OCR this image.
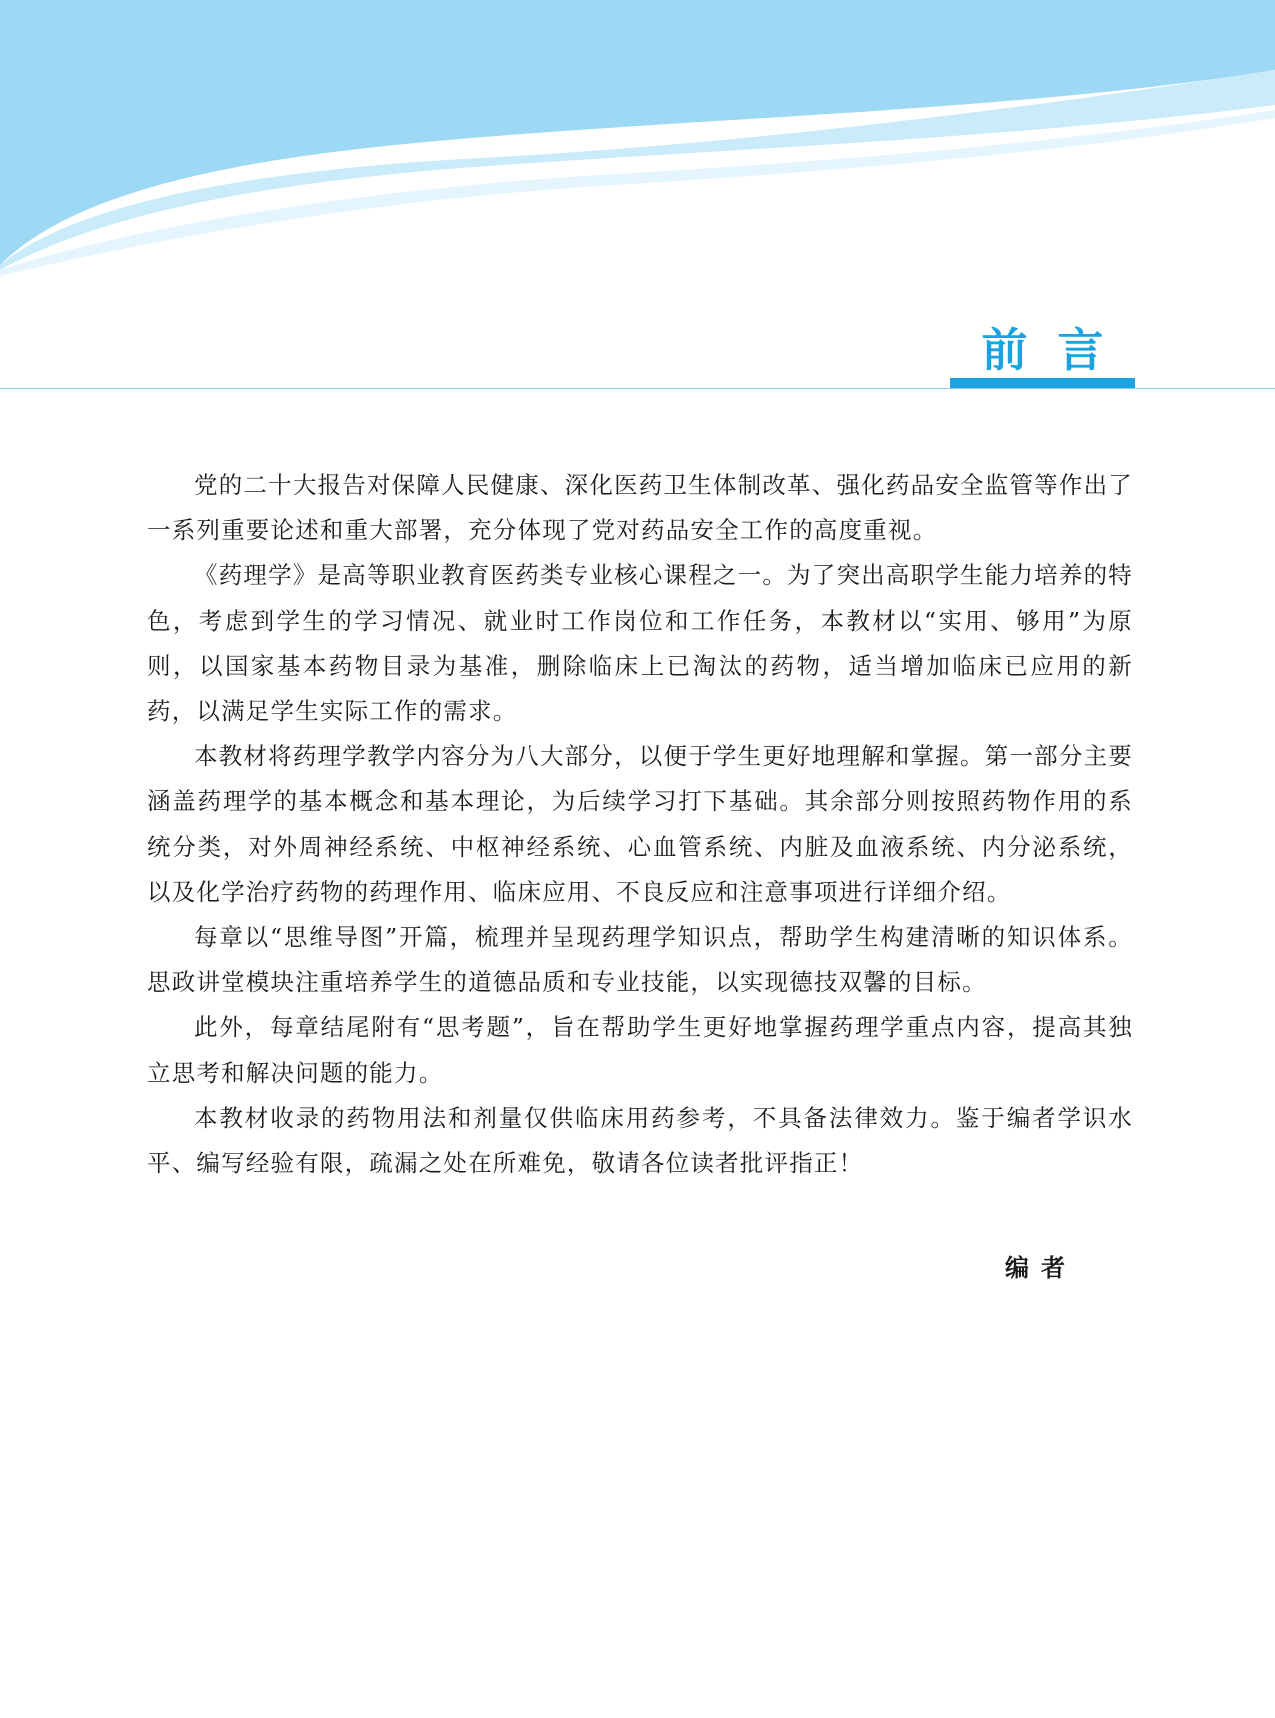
前言

党的二十大报告对保障人民健康、深化医药卫生体制改革、强化药品安全监管等作出了一系列重要论述和重大部署，充分体现了党对药品安全工作的高度重视。

《药理学》是高等职业教育医药类专业核心课程之一。为了突出高职学生能力培养的特色，考虑到学生的学习情况、就业时工作岗位和工作任务，本教材以“实用、够用”为原则，以国家基本药物目录为基准，删除临床上已淘汰的药物，适当增加临床已应用的新药，以满足学生实际工作的需求。

本教材将药理学教学内容分为八大部分，以便于学生更好地理解和掌握。第一部分主要涵盖药理学的基本概念和基本理论，为后续学习打下基础。其余部分则按照药物作用的系统分类，对外周神经系统、中枢神经系统、心血管系统、内脏及血液系统、内分泌系统，以及化学治疗药物的药理作用、临床应用、不良反应和注意事项进行详细介绍。

每章以“思维导图”开篇，梳理并呈现药理学知识点，帮助学生构建清晰的知识体系。思政讲堂模块注重培养学生的道德品质和专业技能，以实现德技双馨的目标。

此外，每章结尾附有“思考题”，旨在帮助学生更好地掌握药理学重点内容，提高其独立思考和解决问题的能力。

本教材收录的药物用法和剂量仅供临床用药参考，不具备法律效力。鉴于编者学识水平、编写经验有限，疏漏之处在所难免，敬请各位读者批评指正！

编者
